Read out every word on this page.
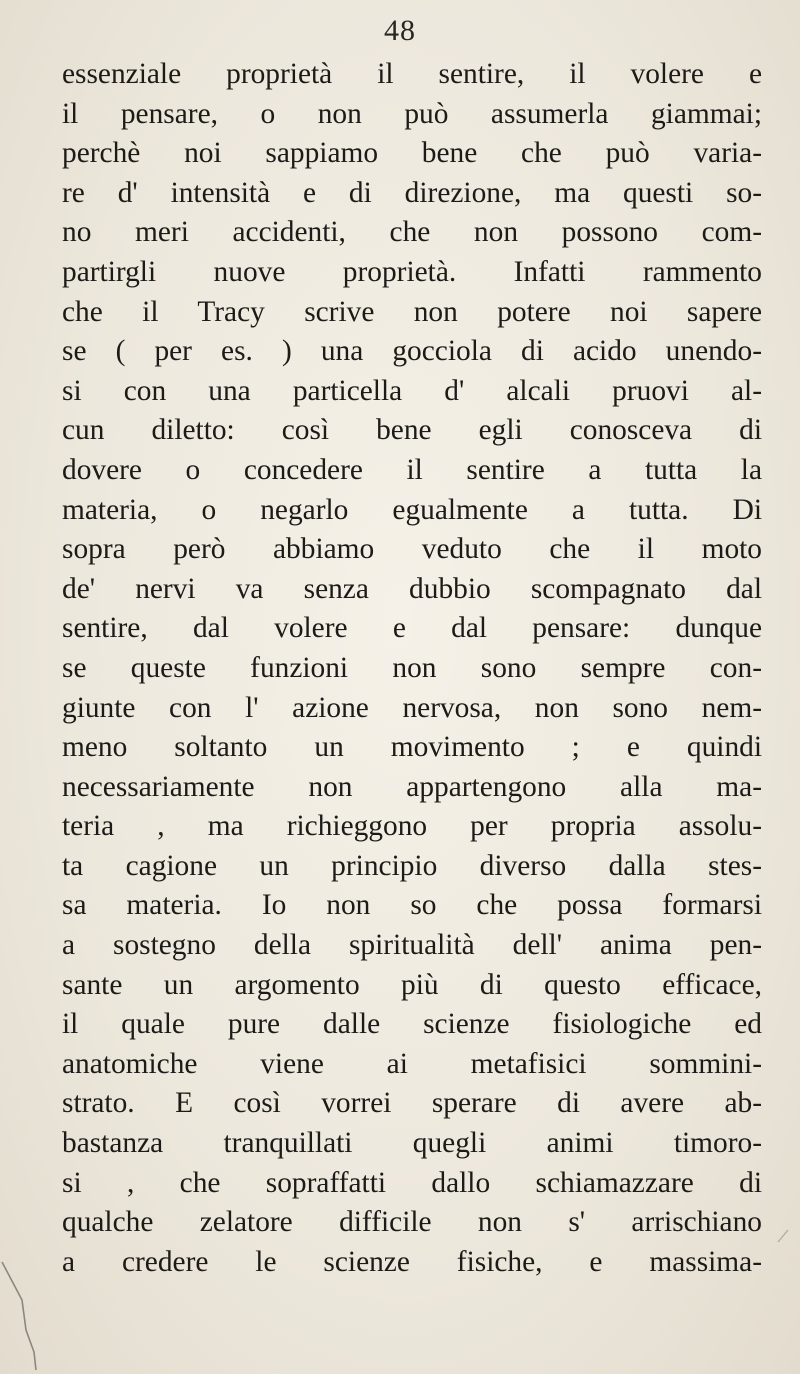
48
essenziale proprietà il sentire, il volere e
il pensare, o non può assumerla giammai;
perchè noi sappiamo bene che può varia-
re d' intensità e di direzione, ma questi so-
no meri accidenti, che non possono com-
partirgli nuove proprietà. Infatti rammento
che il Tracy scrive non potere noi sapere
se ( per es. ) una gocciola di acido unendo-
si con una particella d' alcali pruovi al-
cun diletto: così bene egli conosceva di
dovere o concedere il sentire a tutta la
materia, o negarlo egualmente a tutta. Di
sopra però abbiamo veduto che il moto
de' nervi va senza dubbio scompagnato dal
sentire, dal volere e dal pensare: dunque
se queste funzioni non sono sempre con-
giunte con l' azione nervosa, non sono nem-
meno soltanto un movimento ; e quindi
necessariamente non appartengono alla ma-
teria , ma richieggono per propria assolu-
ta cagione un principio diverso dalla stes-
sa materia. Io non so che possa formarsi
a sostegno della spiritualità dell' anima pen-
sante un argomento più di questo efficace,
il quale pure dalle scienze fisiologiche ed
anatomiche viene ai metafisici sommini-
strato. E così vorrei sperare di avere ab-
bastanza tranquillati quegli animi timoro-
si , che sopraffatti dallo schiamazzare di
qualche zelatore difficile non s' arrischiano
a credere le scienze fisiche, e massima-
